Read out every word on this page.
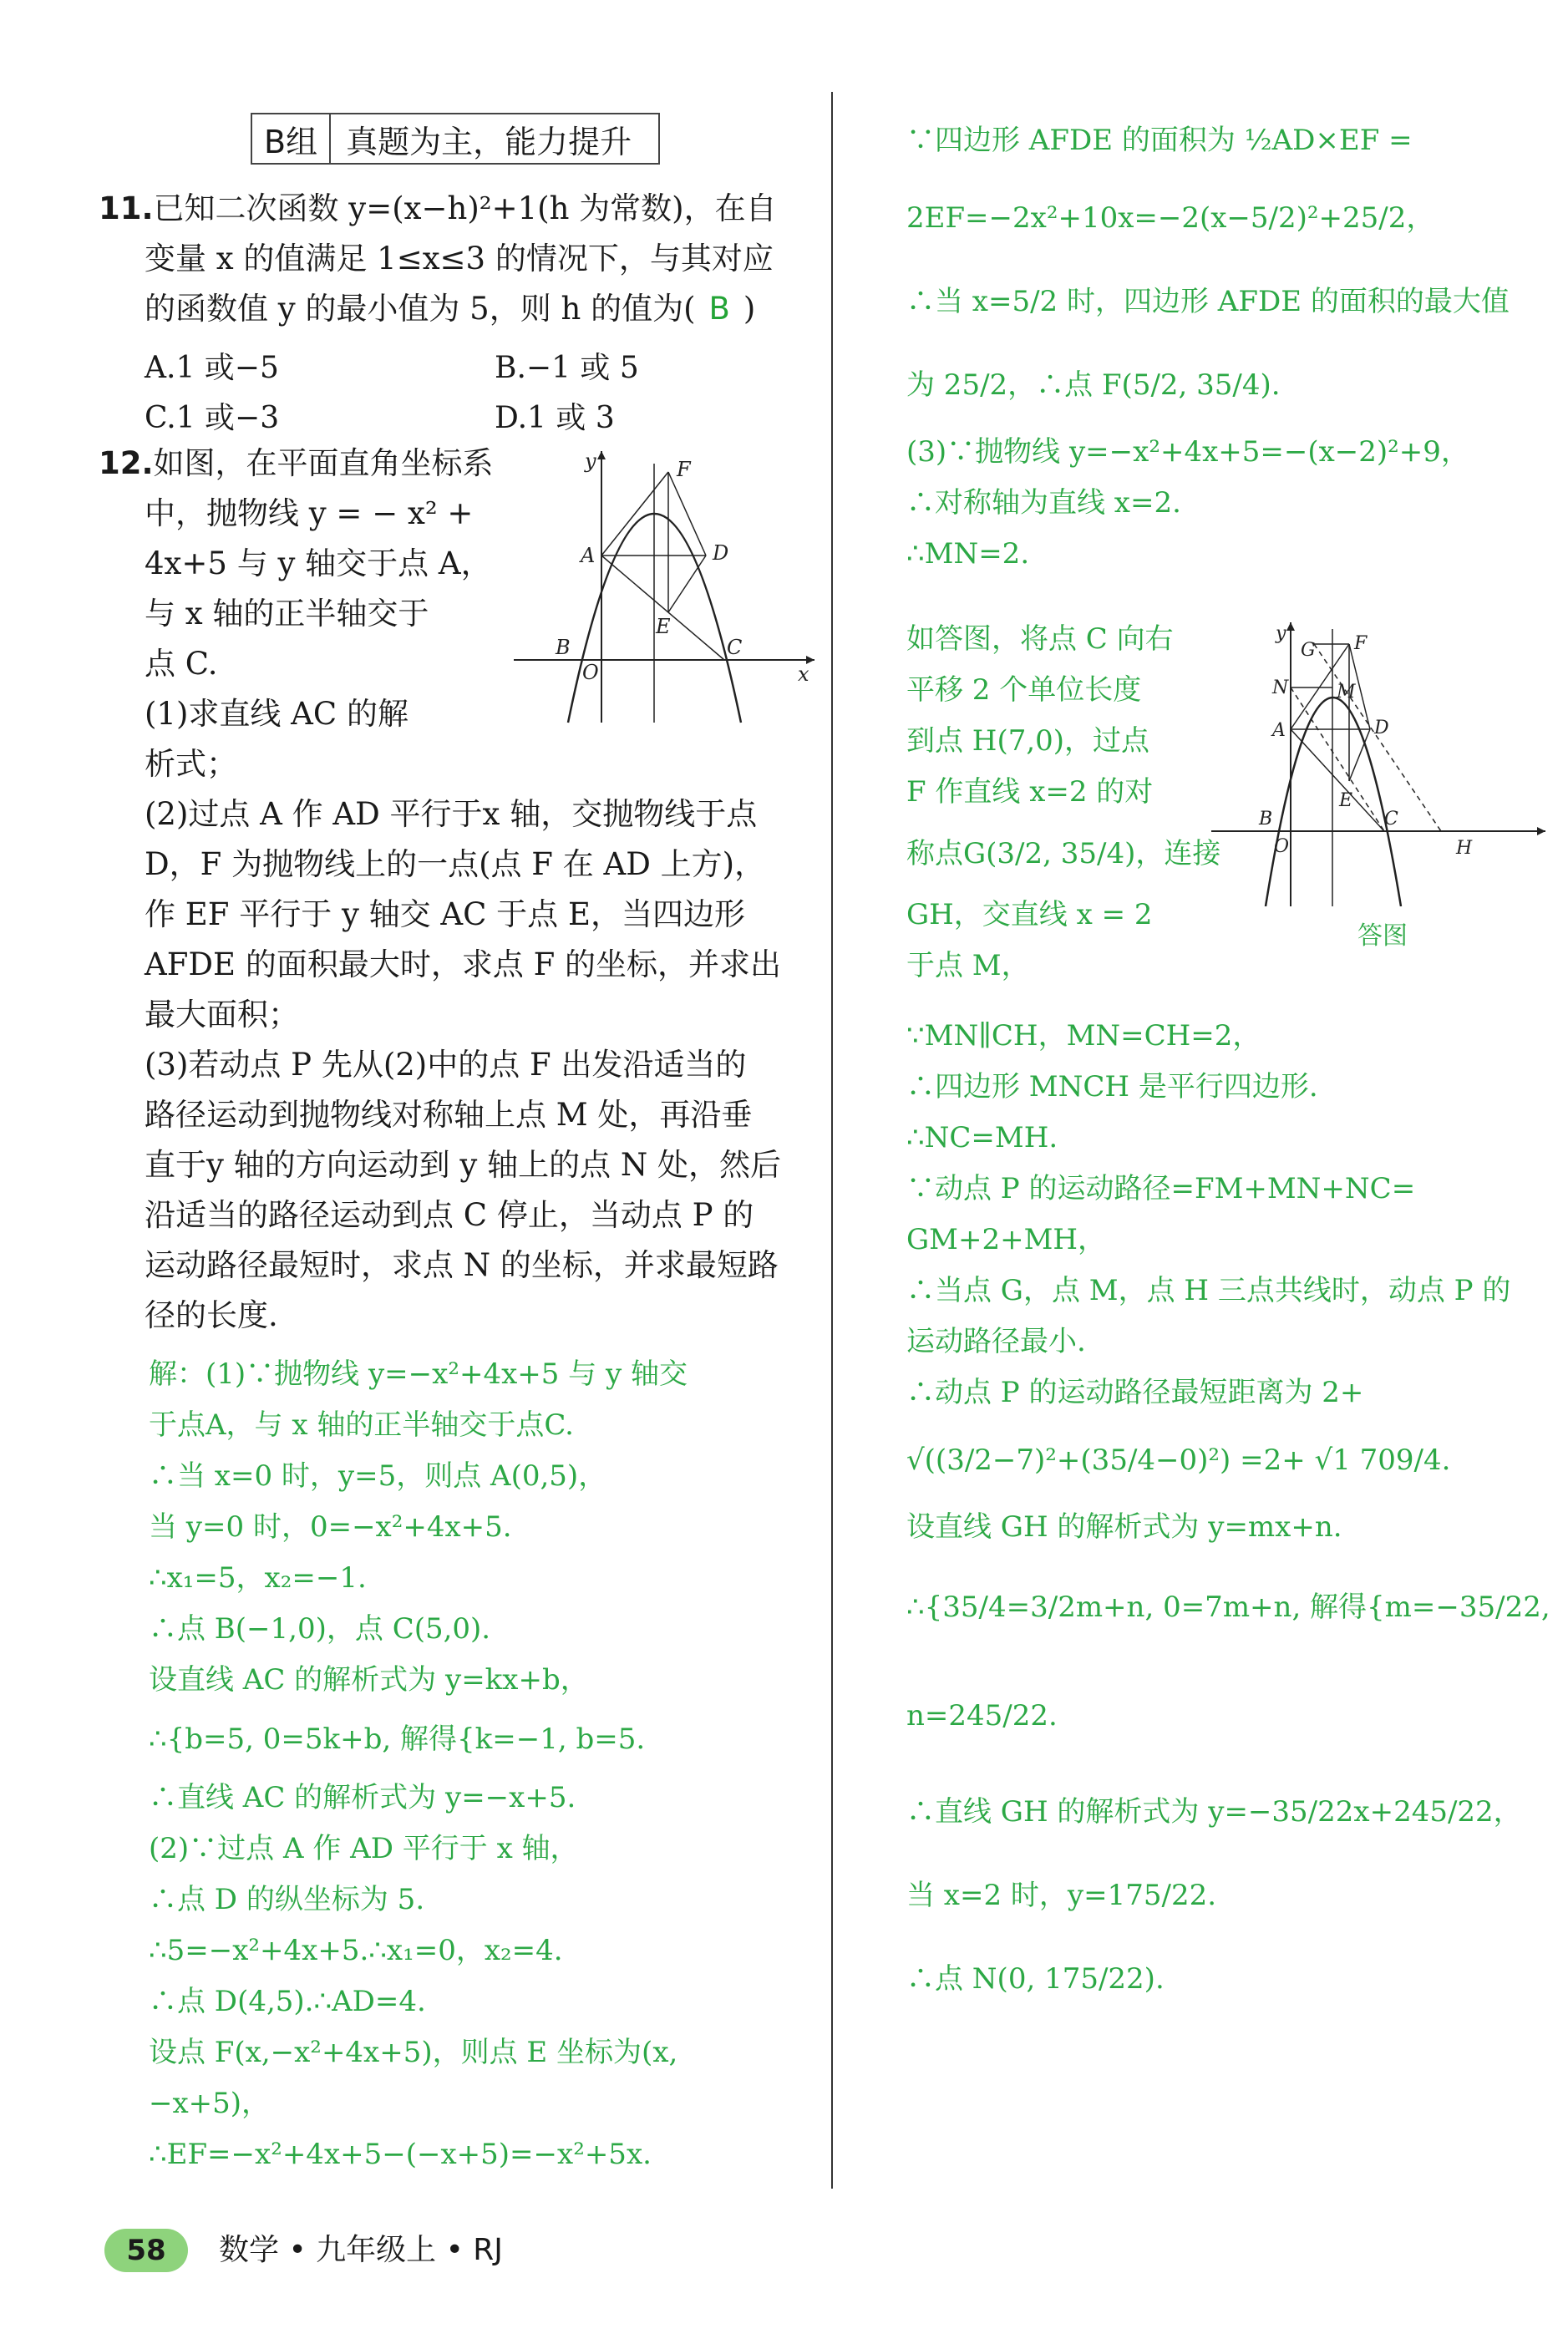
B组 真题为主，能力提升
11.已知二次函数 y=(x−h)²+1(h 为常数)，在自
变量 x 的值满足 1≤x≤3 的情况下，与其对应
的函数值 y 的最小值为 5，则 h 的值为( B )
A.1 或−5	B.−1 或 5
C.1 或−3	D.1 或 3
12.如图，在平面直角坐标系
中，抛物线 y = − x² +
4x+5 与 y 轴交于点 A，
与 x 轴的正半轴交于
点 C.
(1)求直线 AC 的解
析式；
(2)过点 A 作 AD 平行于x 轴，交抛物线于点
D，F 为抛物线上的一点(点 F 在 AD 上方)，
作 EF 平行于 y 轴交 AC 于点 E，当四边形
AFDE 的面积最大时，求点 F 的坐标，并求出
最大面积；
(3)若动点 P 先从(2)中的点 F 出发沿适当的
路径运动到抛物线对称轴上点 M 处，再沿垂
直于y 轴的方向运动到 y 轴上的点 N 处，然后
沿适当的路径运动到点 C 停止，当动点 P 的
运动路径最短时，求点 N 的坐标，并求最短路
径的长度.
y	F
A	D
E
B
O
C
x
解：(1)∵抛物线 y=−x²+4x+5 与 y 轴交
于点A，与 x 轴的正半轴交于点C.
∴当 x=0 时，y=5，则点 A(0,5)，
当 y=0 时，0=−x²+4x+5.
∴x₁=5，x₂=−1.
∴点 B(−1,0)，点 C(5,0).
设直线 AC 的解析式为 y=kx+b，
∴{b=5, 0=5k+b, 解得{k=−1, b=5.
∴直线 AC 的解析式为 y=−x+5.
(2)∵过点 A 作 AD 平行于 x 轴，
∴点 D 的纵坐标为 5.
∴5=−x²+4x+5.∴x₁=0，x₂=4.
∴点 D(4,5).∴AD=4.
设点 F(x,−x²+4x+5)，则点 E 坐标为(x,
−x+5)，
∴EF=−x²+4x+5−(−x+5)=−x²+5x.
∵四边形 AFDE 的面积为 ½AD×EF =
2EF=−2x²+10x=−2(x−5/2)²+25/2，
∴当 x=5/2 时，四边形 AFDE 的面积的最大值
为 25/2，∴点 F(5/2, 35/4).
(3)∵抛物线 y=−x²+4x+5=−(x−2)²+9，
∴对称轴为直线 x=2.
∴MN=2.
如答图，将点 C 向右
平移 2 个单位长度
到点 H(7,0)，过点
F 作直线 x=2 的对
称点G(3/2, 35/4)，连接
GH，交直线 x = 2
于点 M，
y
G F
N	M
A	D
E
B
O
C
H
答图
∵MN∥CH，MN=CH=2，
∴四边形 MNCH 是平行四边形.
∴NC=MH.
∵动点 P 的运动路径=FM+MN+NC=
GM+2+MH，
∴当点 G，点 M，点 H 三点共线时，动点 P 的
运动路径最小.
∴动点 P 的运动路径最短距离为 2+
√((3/2−7)²+(35/4−0)²) =2+ √1 709/4.
设直线 GH 的解析式为 y=mx+n.
∴{35/4=3/2m+n, 0=7m+n, 解得{m=−35/22, n=245/22.
∴直线 GH 的解析式为 y=−35/22x+245/22，
当 x=2 时，y=175/22.
∴点 N(0, 175/22).
58	数学 • 九年级上 • RJ
